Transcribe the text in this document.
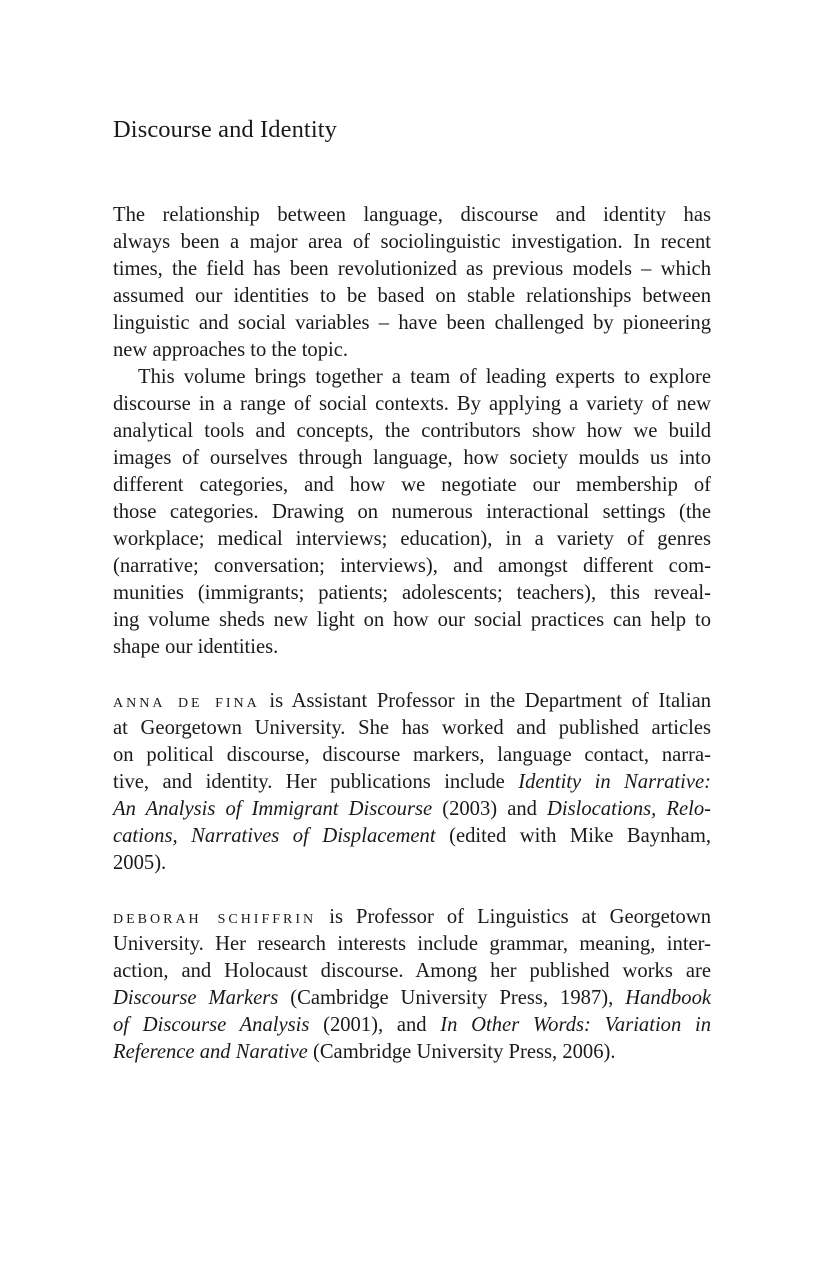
Discourse and Identity
The relationship between language, discourse and identity has
always been a major area of sociolinguistic investigation. In recent
times, the field has been revolutionized as previous models – which
assumed our identities to be based on stable relationships between
linguistic and social variables – have been challenged by pioneering
new approaches to the topic.
This volume brings together a team of leading experts to explore
discourse in a range of social contexts. By applying a variety of new
analytical tools and concepts, the contributors show how we build
images of ourselves through language, how society moulds us into
different categories, and how we negotiate our membership of
those categories. Drawing on numerous interactional settings (the
workplace; medical interviews; education), in a variety of genres
(narrative; conversation; interviews), and amongst different com-
munities (immigrants; patients; adolescents; teachers), this reveal-
ing volume sheds new light on how our social practices can help to
shape our identities.
anna de fina is Assistant Professor in the Department of Italian
at Georgetown University. She has worked and published articles
on political discourse, discourse markers, language contact, narra-
tive, and identity. Her publications include Identity in Narrative:
An Analysis of Immigrant Discourse (2003) and Dislocations, Relo-
cations, Narratives of Displacement (edited with Mike Baynham,
2005).
deborah schiffrin is Professor of Linguistics at Georgetown
University. Her research interests include grammar, meaning, inter-
action, and Holocaust discourse. Among her published works are
Discourse Markers (Cambridge University Press, 1987), Handbook
of Discourse Analysis (2001), and In Other Words: Variation in
Reference and Narative (Cambridge University Press, 2006).
